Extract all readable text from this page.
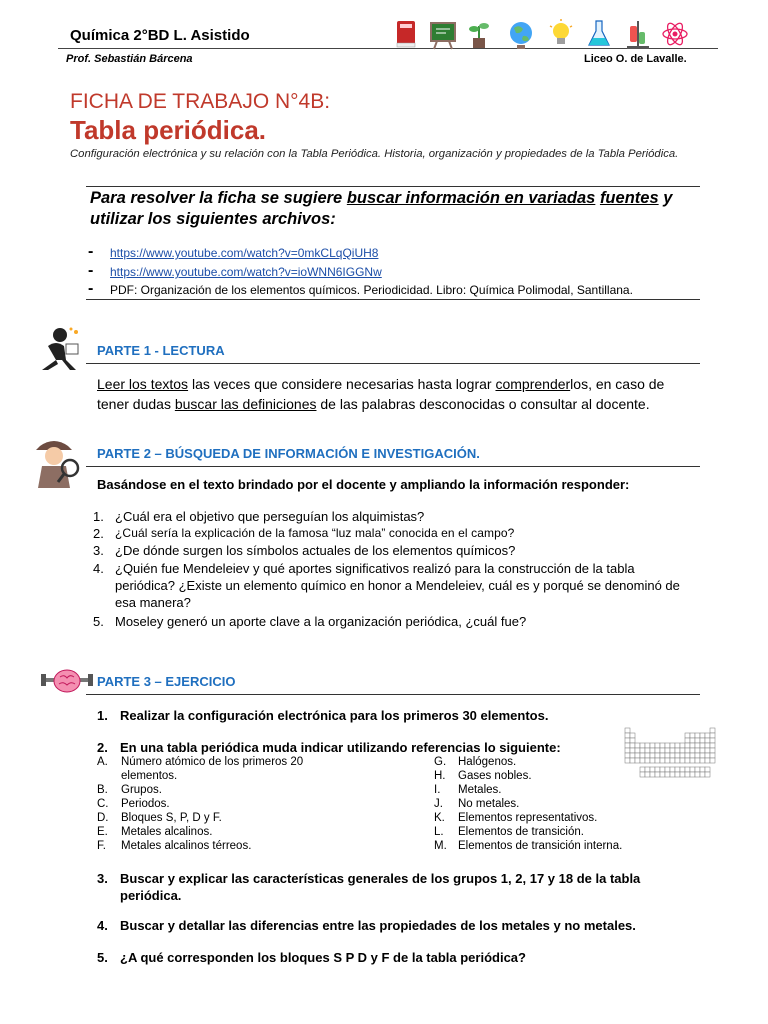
Química 2°BD L. Asistido
Prof. Sebastián Bárcena	Liceo O. de Lavalle.
FICHA DE TRABAJO N°4B:
Tabla periódica.
Configuración electrónica y su relación con la Tabla Periódica. Historia, organización y propiedades de la Tabla Periódica.
Para resolver la ficha se sugiere buscar información en variadas fuentes y utilizar los siguientes archivos:
- https://www.youtube.com/watch?v=0mkCLqQiUH8
- https://www.youtube.com/watch?v=ioWNN6IGGNw
- PDF: Organización de los elementos químicos. Periodicidad. Libro: Química Polimodal, Santillana.
PARTE 1 - LECTURA
Leer los textos las veces que considere necesarias hasta lograr comprenderlos, en caso de tener dudas buscar las definiciones de las palabras desconocidas o consultar al docente.
PARTE 2 – BÚSQUEDA DE INFORMACIÓN E INVESTIGACIÓN.
Basándose en el texto brindado por el docente y ampliando la información responder:
1. ¿Cuál era el objetivo que perseguían los alquimistas?
2. ¿Cuál sería la explicación de la famosa “luz mala” conocida en el campo?
3. ¿De dónde surgen los símbolos actuales de los elementos químicos?
4. ¿Quién fue Mendeleiev y qué aportes significativos realizó para la construcción de la tabla periódica? ¿Existe un elemento químico en honor a Mendeleiev, cuál es y porqué se denominó de esa manera?
5. Moseley generó un aporte clave a la organización periódica, ¿cuál fue?
PARTE 3 – EJERCICIO
1. Realizar la configuración electrónica para los primeros 30 elementos.
2. En una tabla periódica muda indicar utilizando referencias lo siguiente:
A. Número atómico de los primeros 20
elementos.
B. Grupos.
C. Periodos.
D. Bloques S, P, D y F.
E. Metales alcalinos.
F. Metales alcalinos térreos.
G. Halógenos.
H. Gases nobles.
I. Metales.
J. No metales.
K. Elementos representativos.
L. Elementos de transición.
M. Elementos de transición interna.
3. Buscar y explicar las características generales de los grupos 1, 2, 17 y 18 de la tabla periódica.
4. Buscar y detallar las diferencias entre las propiedades de los metales y no metales.
5. ¿A qué corresponden los bloques S P D y F de la tabla periódica?
